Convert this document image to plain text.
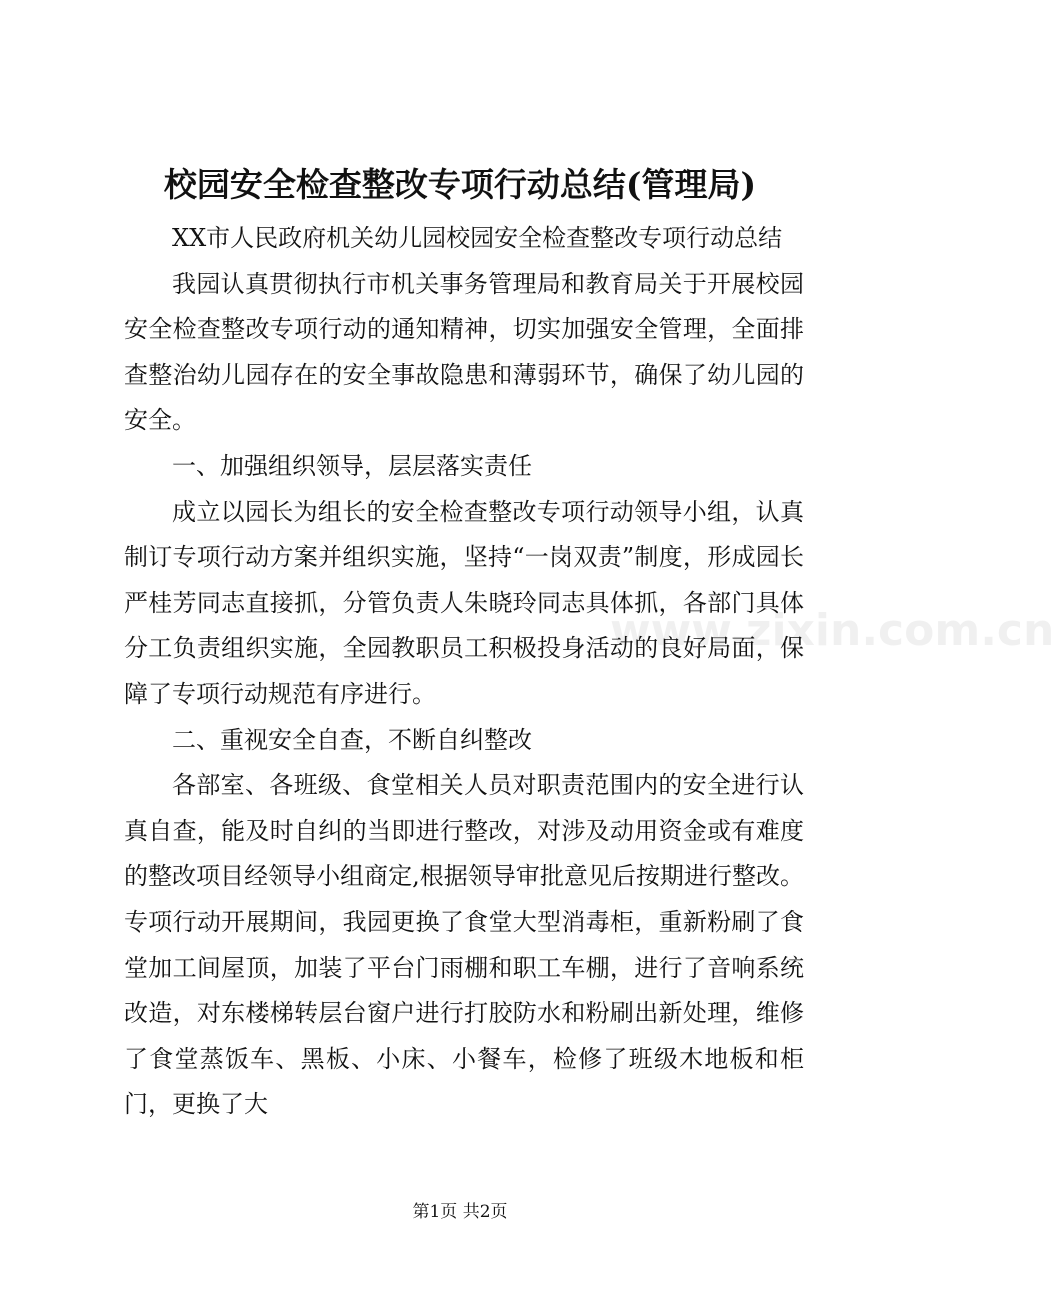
校园安全检查整改专项行动总结(管理局)

XX市人民政府机关幼儿园校园安全检查整改专项行动总结

我园认真贯彻执行市机关事务管理局和教育局关于开展校园安全检查整改专项行动的通知精神，切实加强安全管理，全面排查整治幼儿园存在的安全事故隐患和薄弱环节，确保了幼儿园的安全。

一、加强组织领导，层层落实责任

成立以园长为组长的安全检查整改专项行动领导小组，认真制订专项行动方案并组织实施，坚持“一岗双责”制度，形成园长严桂芳同志直接抓，分管负责人朱晓玲同志具体抓，各部门具体分工负责组织实施，全园教职员工积极投身活动的良好局面，保障了专项行动规范有序进行。

二、重视安全自查，不断自纠整改

各部室、各班级、食堂相关人员对职责范围内的安全进行认真自查，能及时自纠的当即进行整改，对涉及动用资金或有难度的整改项目经领导小组商定,根据领导审批意见后按期进行整改。专项行动开展期间，我园更换了食堂大型消毒柜，重新粉刷了食堂加工间屋顶，加装了平台门雨棚和职工车棚，进行了音响系统改造，对东楼梯转层台窗户进行打胶防水和粉刷出新处理，维修了食堂蒸饭车、黑板、小床、小餐车，检修了班级木地板和柜门，更换了大

www.zixin.com.cn
第1页 共2页
